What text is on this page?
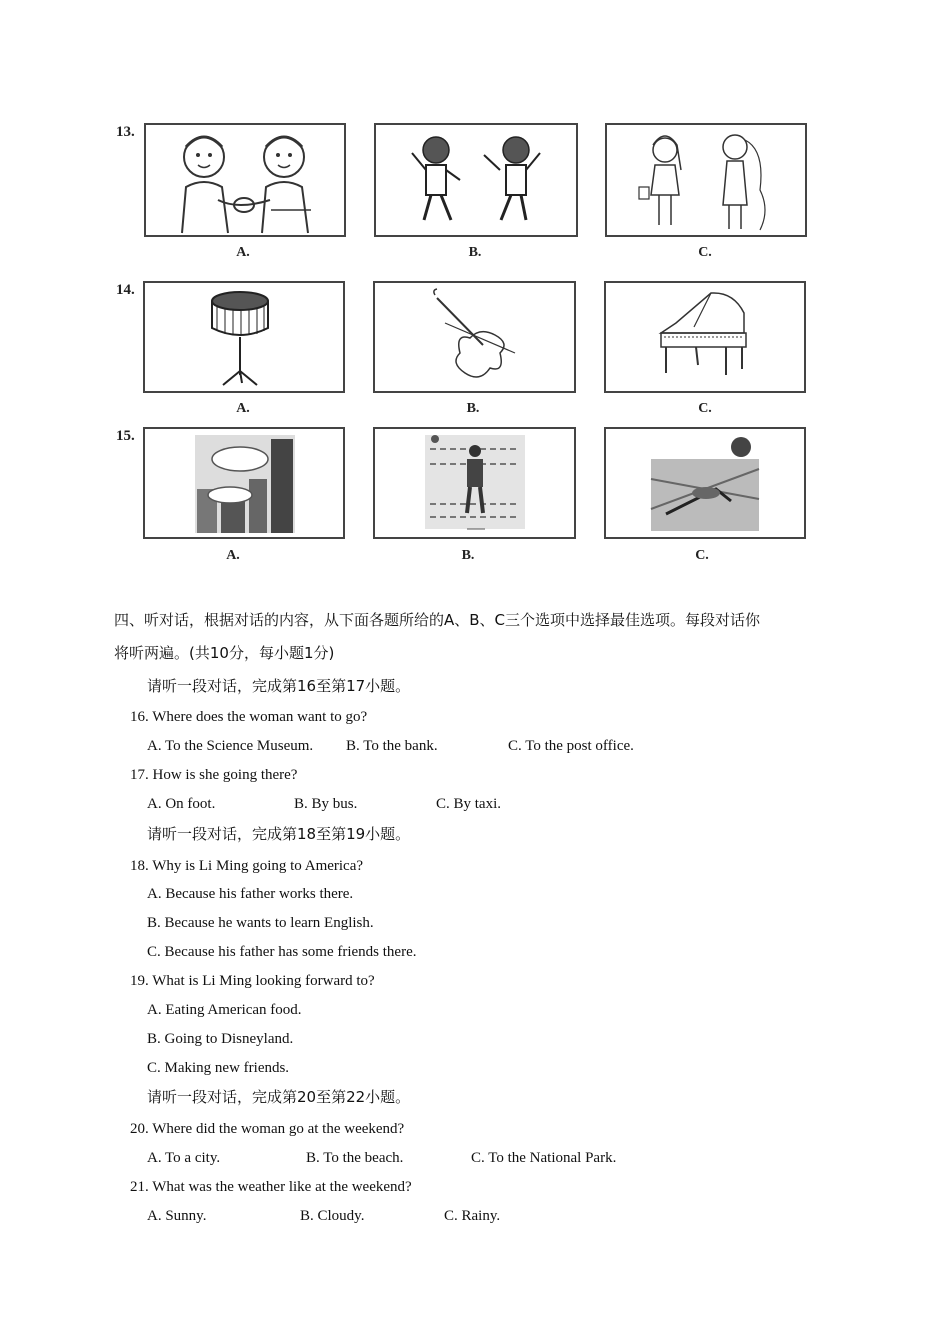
13.
A.	B.	C.
14.
A.	B.	C.
15.
A.	B.	C.
四、听对话，根据对话的内容，从下面各题所给的A、B、C三个选项中选择最佳选项。每段对话你
将听两遍。(共10分，每小题1分)
请听一段对话，完成第16至第17小题。
16. Where does the woman want to go?
A. To the Science Museum. B. To the bank.	C. To the post office.
17. How is she going there?
A. On foot.	B. By bus.	C. By taxi.
请听一段对话，完成第18至第19小题。
18. Why is Li Ming going to America?
A. Because his father works there.
B. Because he wants to learn English.
C. Because his father has some friends there.
19. What is Li Ming looking forward to?
A. Eating American food.
B. Going to Disneyland.
C. Making new friends.
请听一段对话，完成第20至第22小题。
20. Where did the woman go at the weekend?
A. To a city.	B. To the beach.	C. To the National Park.
21. What was the weather like at the weekend?
A. Sunny.	B. Cloudy.	C. Rainy.
